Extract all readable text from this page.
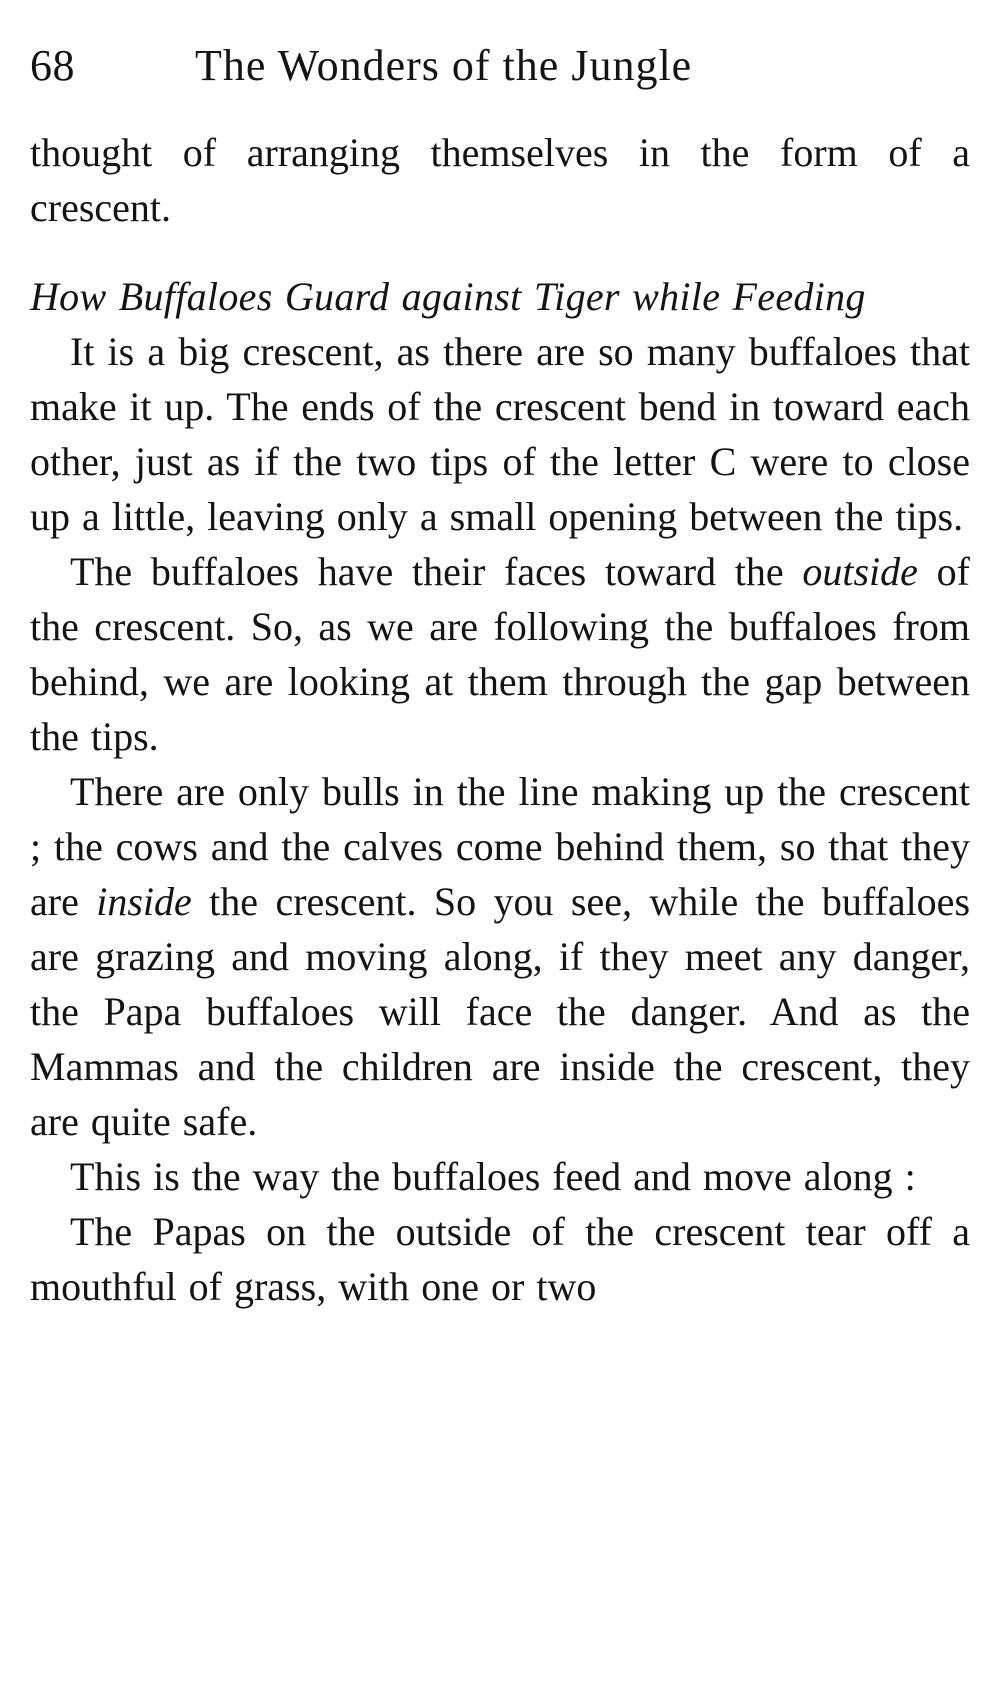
68	The Wonders of the Jungle

thought of arranging themselves in the form of a crescent.

How Buffaloes Guard against Tiger while Feeding

It is a big crescent, as there are so many buffaloes that make it up. The ends of the crescent bend in toward each other, just as if the two tips of the letter C were to close up a little, leaving only a small opening between the tips.

The buffaloes have their faces toward the outside of the crescent. So, as we are following the buffaloes from behind, we are looking at them through the gap between the tips.

There are only bulls in the line making up the crescent ; the cows and the calves come behind them, so that they are inside the crescent. So you see, while the buffaloes are grazing and moving along, if they meet any danger, the Papa buffaloes will face the danger. And as the Mammas and the children are inside the crescent, they are quite safe.

This is the way the buffaloes feed and move along :

The Papas on the outside of the crescent tear off a mouthful of grass, with one or two
